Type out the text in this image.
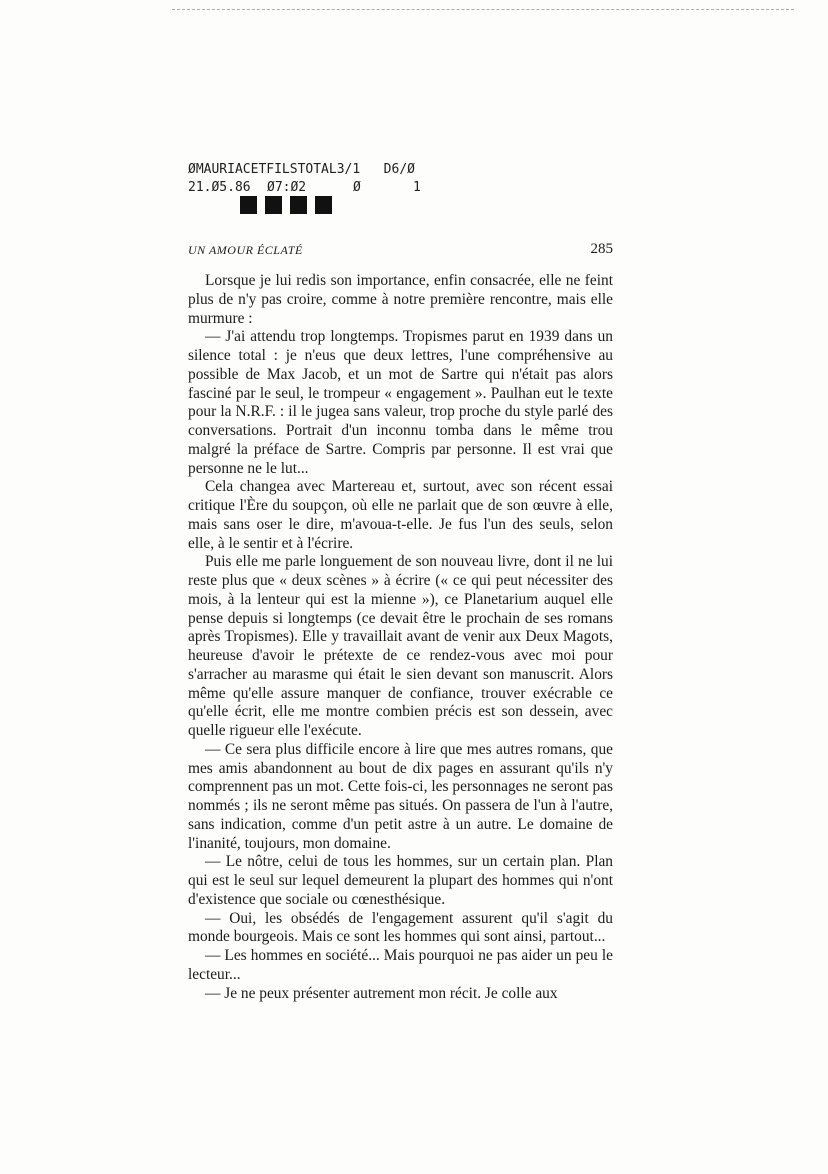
ØMAURIACETFILSTOTAL3/1   D6/Ø

21.Ø5.86

Ø7:Ø2

	Ø

	1

UN AMOUR ÉCLATÉ	285

Lorsque je lui redis son importance, enfin consacrée, elle ne feint plus de n'y pas croire, comme à notre première rencontre, mais elle murmure :

— J'ai attendu trop longtemps. Tropismes parut en 1939 dans un silence total : je n'eus que deux lettres, l'une compréhensive au possible de Max Jacob, et un mot de Sartre qui n'était pas alors fasciné par le seul, le trompeur « engagement ». Paulhan eut le texte pour la N.R.F. : il le jugea sans valeur, trop proche du style parlé des conversations. Portrait d'un inconnu tomba dans le même trou malgré la préface de Sartre. Compris par personne. Il est vrai que personne ne le lut...

Cela changea avec Martereau et, surtout, avec son récent essai critique l'Ère du soupçon, où elle ne parlait que de son œuvre à elle, mais sans oser le dire, m'avoua-t-elle. Je fus l'un des seuls, selon elle, à le sentir et à l'écrire.

Puis elle me parle longuement de son nouveau livre, dont il ne lui reste plus que « deux scènes » à écrire (« ce qui peut nécessiter des mois, à la lenteur qui est la mienne »), ce Planetarium auquel elle pense depuis si longtemps (ce devait être le prochain de ses romans après Tropismes). Elle y travaillait avant de venir aux Deux Magots, heureuse d'avoir le prétexte de ce rendez-vous avec moi pour s'arracher au marasme qui était le sien devant son manuscrit. Alors même qu'elle assure manquer de confiance, trouver exécrable ce qu'elle écrit, elle me montre combien précis est son dessein, avec quelle rigueur elle l'exécute.

— Ce sera plus difficile encore à lire que mes autres romans, que mes amis abandonnent au bout de dix pages en assurant qu'ils n'y comprennent pas un mot. Cette fois-ci, les personnages ne seront pas nommés ; ils ne seront même pas situés. On passera de l'un à l'autre, sans indication, comme d'un petit astre à un autre. Le domaine de l'inanité, toujours, mon domaine.

— Le nôtre, celui de tous les hommes, sur un certain plan. Plan qui est le seul sur lequel demeurent la plupart des hommes qui n'ont d'existence que sociale ou cœnesthésique.

— Oui, les obsédés de l'engagement assurent qu'il s'agit du monde bourgeois. Mais ce sont les hommes qui sont ainsi, partout...

— Les hommes en société... Mais pourquoi ne pas aider un peu le lecteur...

— Je ne peux présenter autrement mon récit. Je colle aux
